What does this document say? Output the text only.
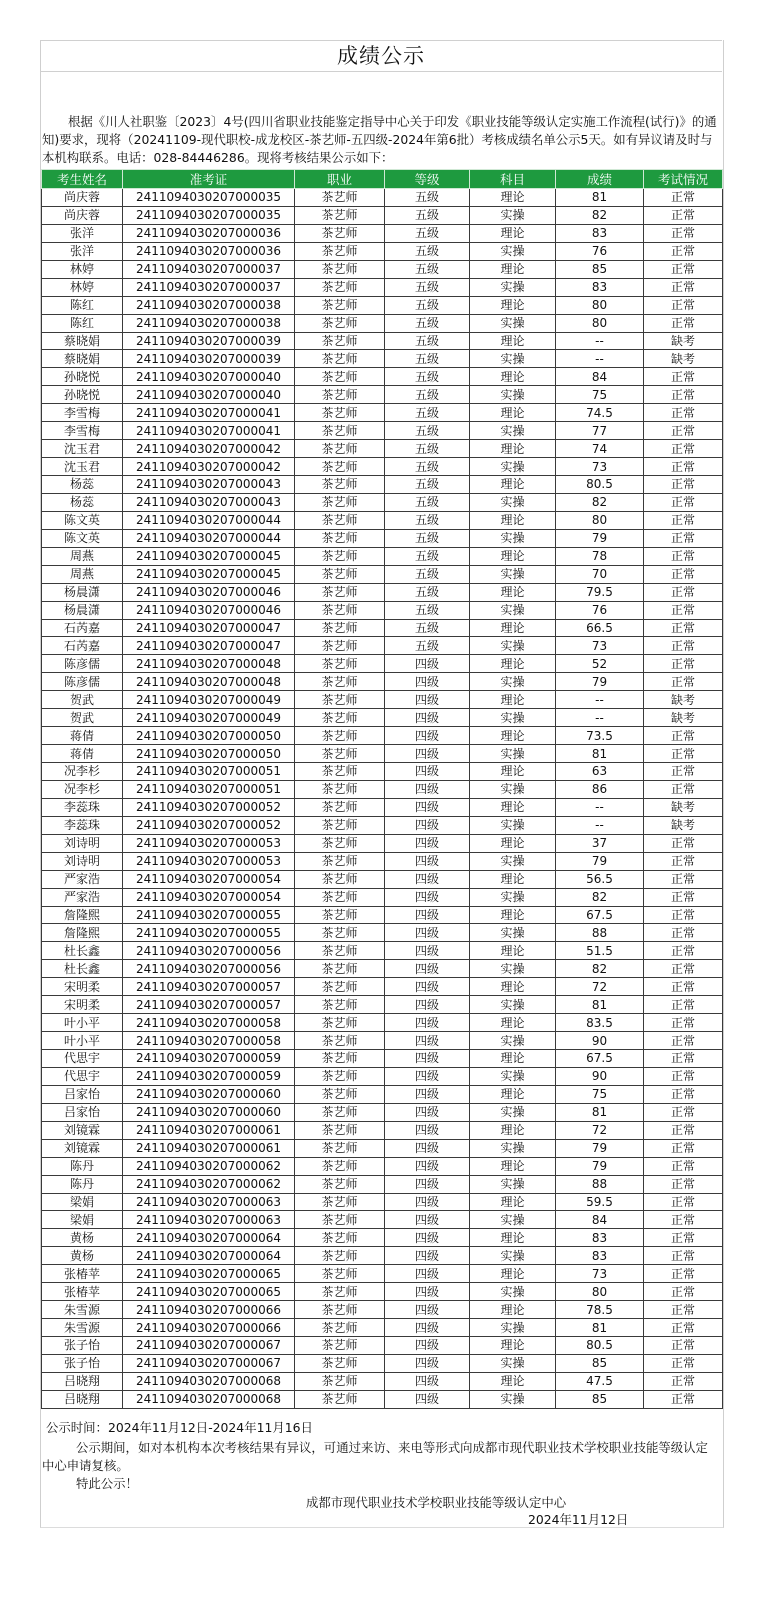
成绩公示
根据《川人社职鉴〔2023〕4号(四川省职业技能鉴定指导中心关于印发《职业技能等级认定实施工作流程(试行)》的通知)要求，现将（20241109-现代职校-成龙校区-茶艺师-五四级-2024年第6批）考核成绩名单公示5天。如有异议请及时与本机构联系。电话：028-84446286。现将考核结果公示如下：
考生姓名	准考证	职业	等级	科目	成绩	考试情况
尚庆蓉	2411094030207000035	茶艺师	五级	理论	81	正常
尚庆蓉	2411094030207000035	茶艺师	五级	实操	82	正常
张洋	2411094030207000036	茶艺师	五级	理论	83	正常
张洋	2411094030207000036	茶艺师	五级	实操	76	正常
林婷	2411094030207000037	茶艺师	五级	理论	85	正常
林婷	2411094030207000037	茶艺师	五级	实操	83	正常
陈红	2411094030207000038	茶艺师	五级	理论	80	正常
陈红	2411094030207000038	茶艺师	五级	实操	80	正常
蔡晓娟	2411094030207000039	茶艺师	五级	理论	--	缺考
蔡晓娟	2411094030207000039	茶艺师	五级	实操	--	缺考
孙晓悦	2411094030207000040	茶艺师	五级	理论	84	正常
孙晓悦	2411094030207000040	茶艺师	五级	实操	75	正常
李雪梅	2411094030207000041	茶艺师	五级	理论	74.5	正常
李雪梅	2411094030207000041	茶艺师	五级	实操	77	正常
沈玉君	2411094030207000042	茶艺师	五级	理论	74	正常
沈玉君	2411094030207000042	茶艺师	五级	实操	73	正常
杨蕊	2411094030207000043	茶艺师	五级	理论	80.5	正常
杨蕊	2411094030207000043	茶艺师	五级	实操	82	正常
陈文英	2411094030207000044	茶艺师	五级	理论	80	正常
陈文英	2411094030207000044	茶艺师	五级	实操	79	正常
周燕	2411094030207000045	茶艺师	五级	理论	78	正常
周燕	2411094030207000045	茶艺师	五级	实操	70	正常
杨晨潇	2411094030207000046	茶艺师	五级	理论	79.5	正常
杨晨潇	2411094030207000046	茶艺师	五级	实操	76	正常
石芮嘉	2411094030207000047	茶艺师	五级	理论	66.5	正常
石芮嘉	2411094030207000047	茶艺师	五级	实操	73	正常
陈彦儒	2411094030207000048	茶艺师	四级	理论	52	正常
陈彦儒	2411094030207000048	茶艺师	四级	实操	79	正常
贺武	2411094030207000049	茶艺师	四级	理论	--	缺考
贺武	2411094030207000049	茶艺师	四级	实操	--	缺考
蒋倩	2411094030207000050	茶艺师	四级	理论	73.5	正常
蒋倩	2411094030207000050	茶艺师	四级	实操	81	正常
况李杉	2411094030207000051	茶艺师	四级	理论	63	正常
况李杉	2411094030207000051	茶艺师	四级	实操	86	正常
李蕊珠	2411094030207000052	茶艺师	四级	理论	--	缺考
李蕊珠	2411094030207000052	茶艺师	四级	实操	--	缺考
刘诗明	2411094030207000053	茶艺师	四级	理论	37	正常
刘诗明	2411094030207000053	茶艺师	四级	实操	79	正常
严家浩	2411094030207000054	茶艺师	四级	理论	56.5	正常
严家浩	2411094030207000054	茶艺师	四级	实操	82	正常
詹隆熙	2411094030207000055	茶艺师	四级	理论	67.5	正常
詹隆熙	2411094030207000055	茶艺师	四级	实操	88	正常
杜长鑫	2411094030207000056	茶艺师	四级	理论	51.5	正常
杜长鑫	2411094030207000056	茶艺师	四级	实操	82	正常
宋明柔	2411094030207000057	茶艺师	四级	理论	72	正常
宋明柔	2411094030207000057	茶艺师	四级	实操	81	正常
叶小平	2411094030207000058	茶艺师	四级	理论	83.5	正常
叶小平	2411094030207000058	茶艺师	四级	实操	90	正常
代思宇	2411094030207000059	茶艺师	四级	理论	67.5	正常
代思宇	2411094030207000059	茶艺师	四级	实操	90	正常
吕家怡	2411094030207000060	茶艺师	四级	理论	75	正常
吕家怡	2411094030207000060	茶艺师	四级	实操	81	正常
刘镜霖	2411094030207000061	茶艺师	四级	理论	72	正常
刘镜霖	2411094030207000061	茶艺师	四级	实操	79	正常
陈丹	2411094030207000062	茶艺师	四级	理论	79	正常
陈丹	2411094030207000062	茶艺师	四级	实操	88	正常
梁娟	2411094030207000063	茶艺师	四级	理论	59.5	正常
梁娟	2411094030207000063	茶艺师	四级	实操	84	正常
黄杨	2411094030207000064	茶艺师	四级	理论	83	正常
黄杨	2411094030207000064	茶艺师	四级	实操	83	正常
张椿苹	2411094030207000065	茶艺师	四级	理论	73	正常
张椿苹	2411094030207000065	茶艺师	四级	实操	80	正常
朱雪源	2411094030207000066	茶艺师	四级	理论	78.5	正常
朱雪源	2411094030207000066	茶艺师	四级	实操	81	正常
张子怡	2411094030207000067	茶艺师	四级	理论	80.5	正常
张子怡	2411094030207000067	茶艺师	四级	实操	85	正常
吕晓翔	2411094030207000068	茶艺师	四级	理论	47.5	正常
吕晓翔	2411094030207000068	茶艺师	四级	实操	85	正常
公示时间：2024年11月12日-2024年11月16日
公示期间，如对本机构本次考核结果有异议，可通过来访、来电等形式向成都市现代职业技术学校职业技能等级认定中心申请复核。
特此公示！
成都市现代职业技术学校职业技能等级认定中心
2024年11月12日
